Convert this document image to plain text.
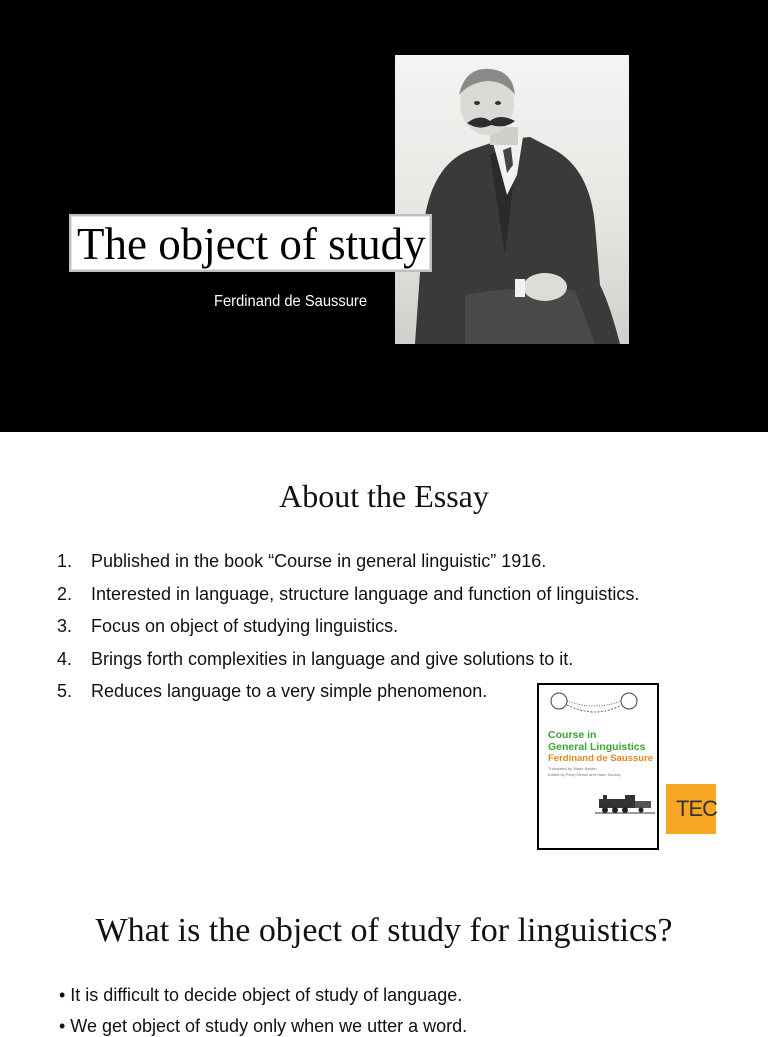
The object of study
Ferdinand de Saussure
About the Essay
1. Published in the book “Course in general linguistic” 1916.
2. Interested in language, structure language and function of linguistics.
3. Focus on object of studying linguistics.
4. Brings forth complexities in language and give solutions to it.
5. Reduces language to a very simple phenomenon.
Course in
General Linguistics
Ferdinand de Saussure
Translated by Wade Baskin
Edited by Perry Meisel and Haun Saussy
TEC
What is the object of study for linguistics?
• It is difficult to decide object of study of language.
• We get object of study only when we utter a word.
